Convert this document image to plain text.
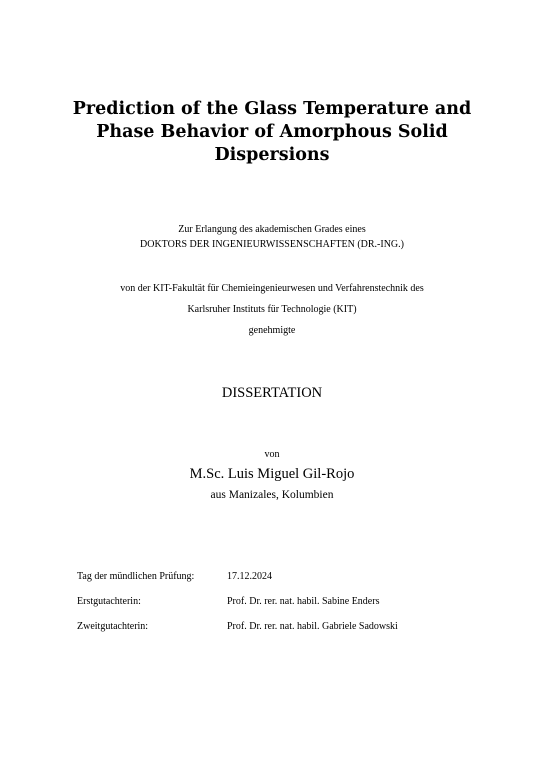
Prediction of the Glass Temperature and
Phase Behavior of Amorphous Solid
Dispersions
Zur Erlangung des akademischen Grades eines
DOKTORS DER INGENIEURWISSENSCHAFTEN (DR.-ING.)
von der KIT-Fakultät für Chemieingenieurwesen und Verfahrenstechnik des
Karlsruher Instituts für Technologie (KIT)
genehmigte
DISSERTATION
von
M.Sc. Luis Miguel Gil-Rojo
aus Manizales, Kolumbien
Tag der mündlichen Prüfung:	17.12.2024
Erstgutachterin:	Prof. Dr. rer. nat. habil. Sabine Enders
Zweitgutachterin:	Prof. Dr. rer. nat. habil. Gabriele Sadowski
